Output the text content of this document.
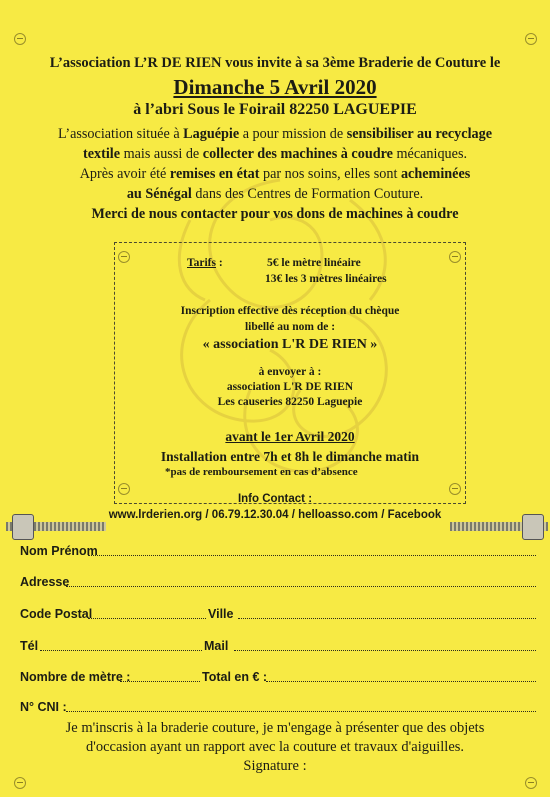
L’association L’R DE RIEN vous invite à sa 3ème Braderie de Couture le
Dimanche 5 Avril 2020
à l’abri Sous le Foirail 82250 LAGUEPIE
L’association située à Laguépie a pour mission de sensibiliser au recyclage
textile mais aussi de collecter des machines à coudre mécaniques.
Après avoir été remises en état par nos soins, elles sont acheminées
au Sénégal dans des Centres de Formation Couture.
Merci de nous contacter pour vos dons de machines à coudre
Tarifs :	5€ le mètre linéaire
13€ les 3 mètres linéaires
Inscription effective dès réception du chèque
libellé au nom de :
« association L'R DE RIEN »
à envoyer à :
association L'R DE RIEN
Les causeries 82250 Laguepie
avant le 1er Avril 2020
Installation entre 7h et 8h le dimanche matin
*pas de remboursement en cas d’absence
Info Contact :
www.lrderien.org / 06.79.12.30.04 / helloasso.com / Facebook
Nom Prénom
Adresse
Code Postal	Ville
Tél	Mail
Nombre de mètre :	Total en € :
N° CNI :
Je m'inscris à la braderie couture, je m'engage à présenter que des objets
d'occasion ayant un rapport avec la couture et travaux d'aiguilles.
Signature :
